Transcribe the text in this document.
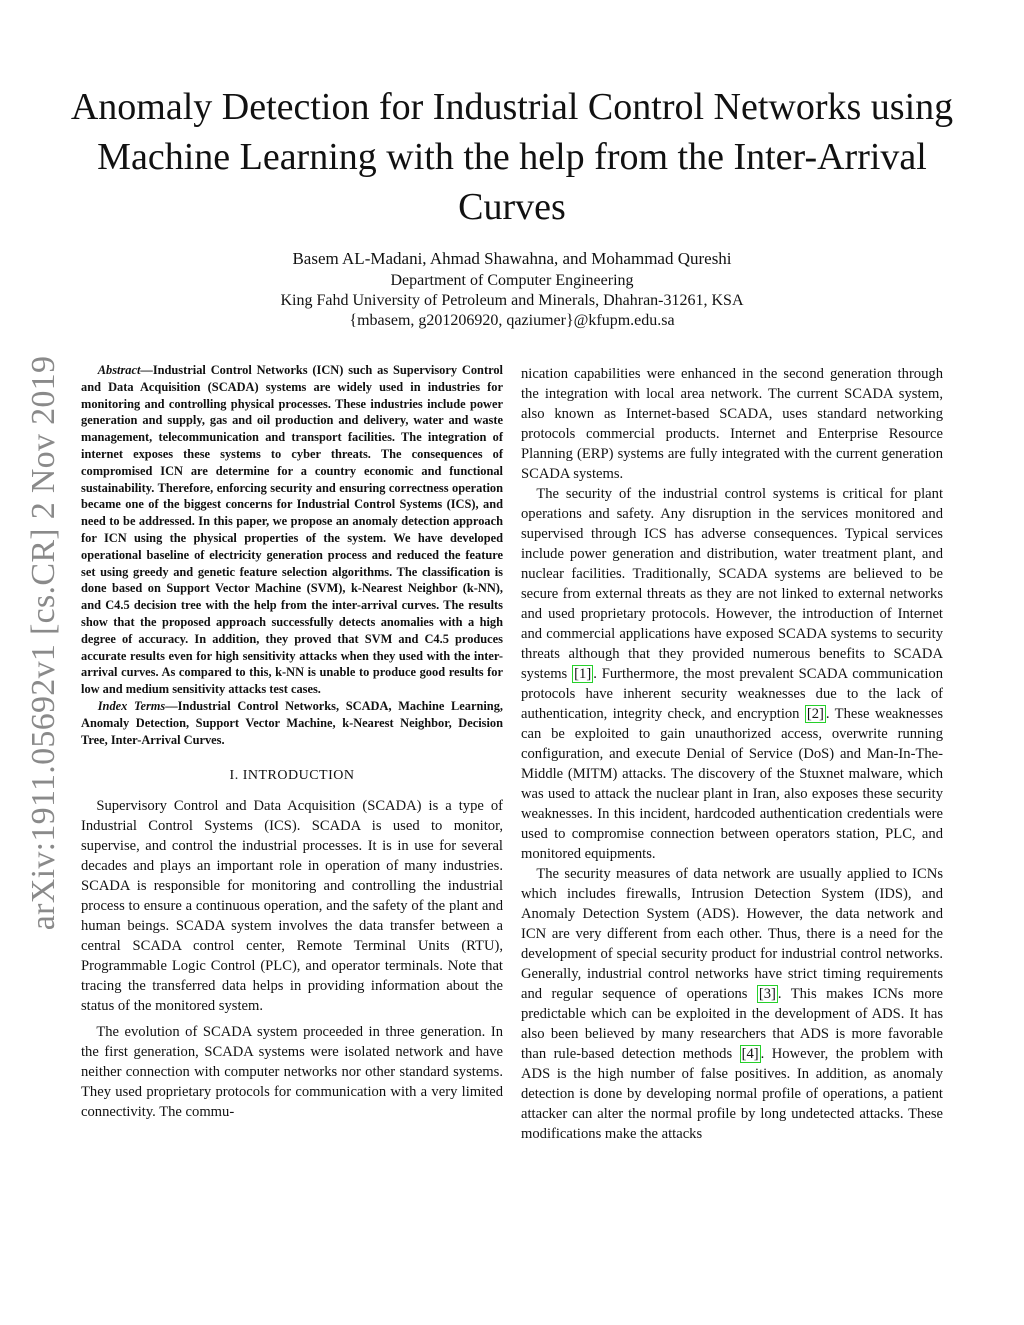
Anomaly Detection for Industrial Control Networks using Machine Learning with the help from the Inter-Arrival Curves
Basem AL-Madani, Ahmad Shawahna, and Mohammad Qureshi
Department of Computer Engineering
King Fahd University of Petroleum and Minerals, Dhahran-31261, KSA
{mbasem, g201206920, qaziumer}@kfupm.edu.sa
arXiv:1911.05692v1 [cs.CR] 2 Nov 2019	Abstract—Industrial Control Networks (ICN) such as Supervisory Control and Data Acquisition (SCADA) systems are widely used in industries for monitoring and controlling physical processes. These industries include power generation and supply, gas and oil production and delivery, water and waste management, telecommunication and transport facilities. The integration of internet exposes these systems to cyber threats. The consequences of compromised ICN are determine for a country economic and functional sustainability. Therefore, enforcing security and ensuring correctness operation became one of the biggest concerns for Industrial Control Systems (ICS), and need to be addressed. In this paper, we propose an anomaly detection approach for ICN using the physical properties of the system. We have developed operational baseline of electricity generation process and reduced the feature set using greedy and genetic feature selection algorithms. The classification is done based on Support Vector Machine (SVM), k-Nearest Neighbor (k-NN), and C4.5 decision tree with the help from the inter-arrival curves. The results show that the proposed approach successfully detects anomalies with a high degree of accuracy. In addition, they proved that SVM and C4.5 produces accurate results even for high sensitivity attacks when they used with the inter-arrival curves. As compared to this, k-NN is unable to produce good results for low and medium sensitivity attacks test cases.

Index Terms—Industrial Control Networks, SCADA, Machine Learning, Anomaly Detection, Support Vector Machine, k-Nearest Neighbor, Decision Tree, Inter-Arrival Curves.

I. INTRODUCTION

Supervisory Control and Data Acquisition (SCADA) is a type of Industrial Control Systems (ICS). SCADA is used to monitor, supervise, and control the industrial processes. It is in use for several decades and plays an important role in operation of many industries. SCADA is responsible for monitoring and controlling the industrial process to ensure a continuous operation, and the safety of the plant and human beings. SCADA system involves the data transfer between a central SCADA control center, Remote Terminal Units (RTU), Programmable Logic Control (PLC), and operator terminals. Note that tracing the transferred data helps in providing information about the status of the monitored system.

The evolution of SCADA system proceeded in three generation. In the first generation, SCADA systems were isolated network and have neither connection with computer networks nor other standard systems. They used proprietary protocols for communication with a very limited connectivity. The commu-

nication capabilities were enhanced in the second generation through the integration with local area network. The current SCADA system, also known as Internet-based SCADA, uses standard networking protocols commercial products. Internet and Enterprise Resource Planning (ERP) systems are fully integrated with the current generation SCADA systems.

The security of the industrial control systems is critical for plant operations and safety. Any disruption in the services monitored and supervised through ICS has adverse consequences. Typical services include power generation and distribution, water treatment plant, and nuclear facilities. Traditionally, SCADA systems are believed to be secure from external threats as they are not linked to external networks and used proprietary protocols. However, the introduction of Internet and commercial applications have exposed SCADA systems to security threats although that they provided numerous benefits to SCADA systems [1] . Furthermore, the most prevalent SCADA communication protocols have inherent security weaknesses due to the lack of authentication, integrity check, and encryption [2] . These weaknesses can be exploited to gain unauthorized access, overwrite running configuration, and execute Denial of Service (DoS) and Man-In-The-Middle (MITM) attacks. The discovery of the Stuxnet malware, which was used to attack the nuclear plant in Iran, also exposes these security weaknesses. In this incident, hardcoded authentication credentials were used to compromise connection between operators station, PLC, and monitored equipments.

The security measures of data network are usually applied to ICNs which includes firewalls, Intrusion Detection System (IDS), and Anomaly Detection System (ADS). However, the data network and ICN are very different from each other. Thus, there is a need for the development of special security product for industrial control networks. Generally, industrial control networks have strict timing requirements and regular sequence of operations [3] . This makes ICNs more predictable which can be exploited in the development of ADS. It has also been believed by many researchers that ADS is more favorable than rule-based detection methods [4] . However, the problem with ADS is the high number of false positives. In addition, as anomaly detection is done by developing normal profile of operations, a patient attacker can alter the normal profile by long undetected attacks. These modifications make the attacks
